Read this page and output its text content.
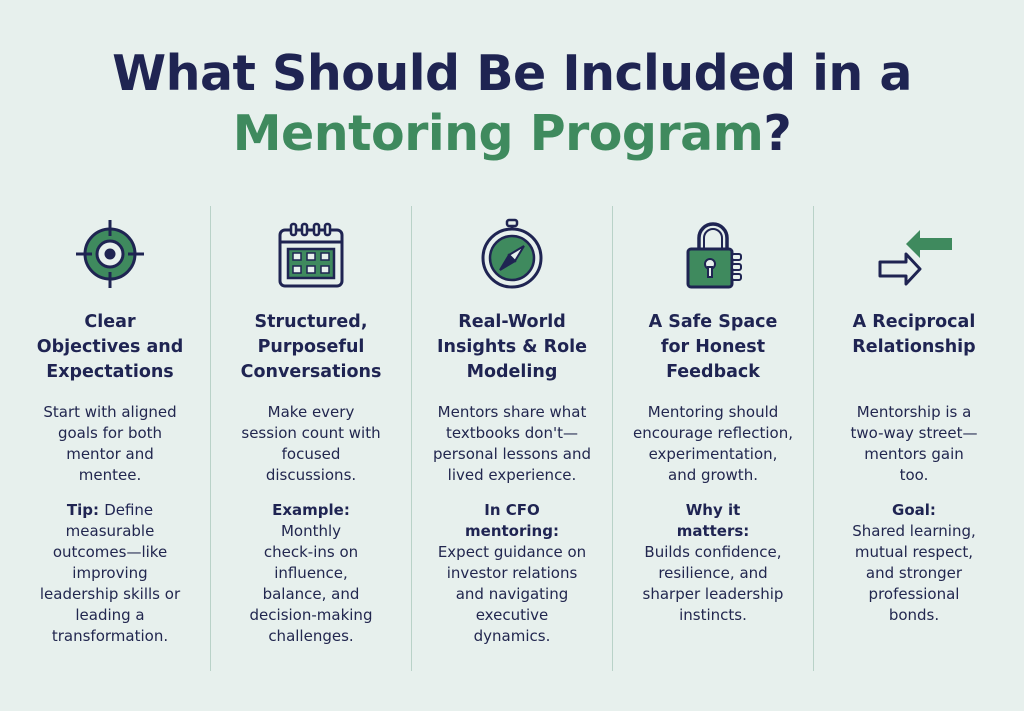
What Should Be Included in a
Mentoring Program?
Clear
Objectives and
Expectations
Start with aligned
goals for both
mentor and
mentee.
Tip: Define
measurable
outcomes—like
improving
leadership skills or
leading a
transformation.
Structured,
Purposeful
Conversations
Make every
session count with
focused
discussions.
Example:
Monthly
check-ins on
influence,
balance, and
decision-making
challenges.
Real-World
Insights & Role
Modeling
Mentors share what
textbooks don't—
personal lessons and
lived experience.
In CFO
mentoring:
Expect guidance on
investor relations
and navigating
executive
dynamics.
A Safe Space
for Honest
Feedback
Mentoring should
encourage reflection,
experimentation,
and growth.
Why it
matters:
Builds confidence,
resilience, and
sharper leadership
instincts.
A Reciprocal
Relationship
Mentorship is a
two-way street—
mentors gain
too.
Goal:
Shared learning,
mutual respect,
and stronger
professional
bonds.
